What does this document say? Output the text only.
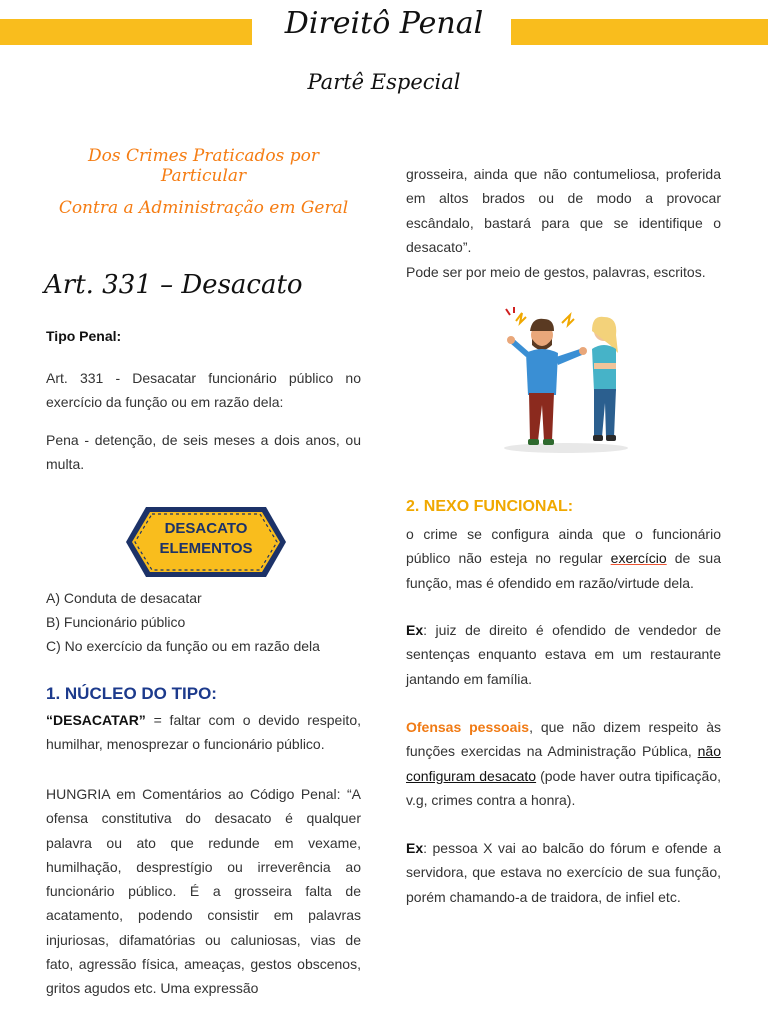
Direitô Penal
Partê Especial
Dos Crimes Praticados por Particular
Contra a Administração em Geral
Art. 331 – Desacato
Tipo Penal:
Art. 331 - Desacatar funcionário público no exercício da função ou em razão dela:
Pena - detenção, de seis meses a dois anos, ou multa.
DESACATO
ELEMENTOS
A) Conduta de desacatar
B) Funcionário público
C) No exercício da função ou em razão dela
1. NÚCLEO DO TIPO:
“DESACATAR” = faltar com o devido respeito, humilhar, menosprezar o funcionário público.
HUNGRIA em Comentários ao Código Penal: “A ofensa constitutiva do desacato é qualquer palavra ou ato que redunde em vexame, humilhação, desprestígio ou irreverência ao funcionário público. É a grosseira falta de acatamento, podendo consistir em palavras injuriosas, difamatórias ou caluniosas, vias de fato, agressão física, ameaças, gestos obscenos, gritos agudos etc. Uma expressão
grosseira, ainda que não contumeliosa, proferida em altos brados ou de modo a provocar escândalo, bastará para que se identifique o desacato”.
Pode ser por meio de gestos, palavras, escritos.
2. NEXO FUNCIONAL:
o crime se configura ainda que o funcionário público não esteja no regular exercício de sua função, mas é ofendido em razão/virtude dela.
Ex: juiz de direito é ofendido de vendedor de sentenças enquanto estava em um restaurante jantando em família.
Ofensas pessoais, que não dizem respeito às funções exercidas na Administração Pública, não configuram desacato (pode haver outra tipificação, v.g, crimes contra a honra).
Ex: pessoa X vai ao balcão do fórum e ofende a servidora, que estava no exercício de sua função, porém chamando-a de traidora, de infiel etc.
